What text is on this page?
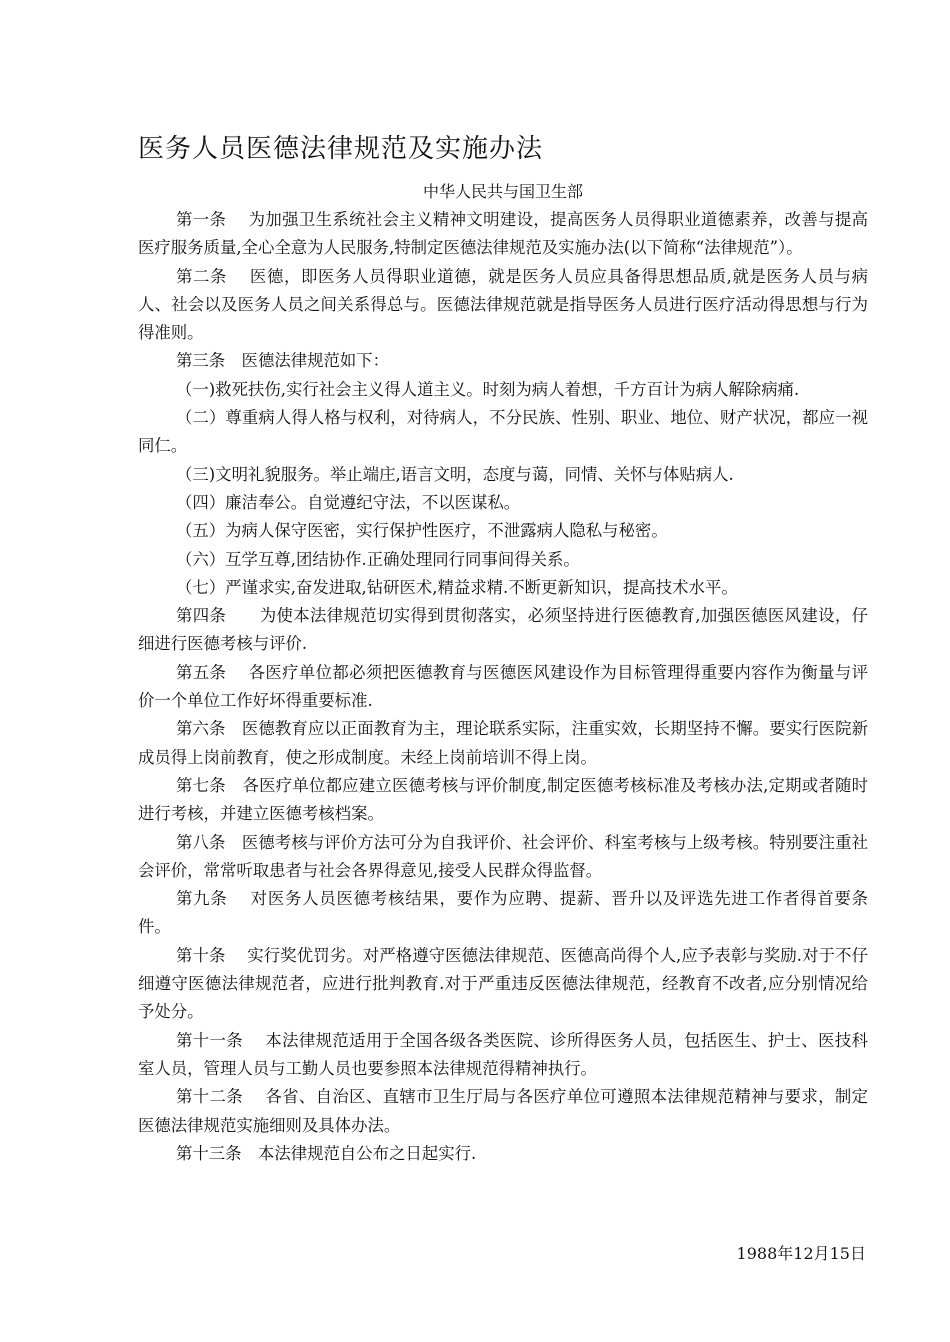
医务人员医德法律规范及实施办法
中华人民共与国卫生部

第一条　 为加强卫生系统社会主义精神文明建设，提高医务人员得职业道德素养，改善与提高医疗服务质量,全心全意为人民服务,特制定医德法律规范及实施办法(以下简称“法律规范”）。

第二条　 医德，即医务人员得职业道德，就是医务人员应具备得思想品质,就是医务人员与病人、社会以及医务人员之间关系得总与。医德法律规范就是指导医务人员进行医疗活动得思想与行为得准则。

第三条　医德法律规范如下：

（一)救死扶伤,实行社会主义得人道主义。时刻为病人着想，千方百计为病人解除病痛.

（二）尊重病人得人格与权利，对待病人，不分民族、性别、职业、地位、财产状况，都应一视同仁。

（三)文明礼貌服务。举止端庄,语言文明，态度与蔼，同情、关怀与体贴病人.

（四）廉洁奉公。自觉遵纪守法，不以医谋私。

（五）为病人保守医密，实行保护性医疗，不泄露病人隐私与秘密。

（六）互学互尊,团结协作.正确处理同行同事间得关系。

（七）严谨求实,奋发进取,钻研医术,精益求精.不断更新知识，提高技术水平。

第四条　　为使本法律规范切实得到贯彻落实，必须坚持进行医德教育,加强医德医风建设，仔细进行医德考核与评价.

第五条　 各医疗单位都必须把医德教育与医德医风建设作为目标管理得重要内容作为衡量与评价一个单位工作好坏得重要标准.

第六条　医德教育应以正面教育为主，理论联系实际，注重实效，长期坚持不懈。要实行医院新成员得上岗前教育，使之形成制度。未经上岗前培训不得上岗。

第七条　各医疗单位都应建立医德考核与评价制度,制定医德考核标准及考核办法,定期或者随时进行考核，并建立医德考核档案。

第八条　医德考核与评价方法可分为自我评价、社会评价、科室考核与上级考核。特别要注重社会评价，常常听取患者与社会各界得意见,接受人民群众得监督。

第九条　 对医务人员医德考核结果，要作为应聘、提薪、晋升以及评选先进工作者得首要条件。

第十条　 实行奖优罚劣。对严格遵守医德法律规范、医德高尚得个人,应予表彰与奖励.对于不仔细遵守医德法律规范者，应进行批判教育.对于严重违反医德法律规范，经教育不改者,应分别情况给予处分。

第十一条　 本法律规范适用于全国各级各类医院、诊所得医务人员，包括医生、护士、医技科室人员，管理人员与工勤人员也要参照本法律规范得精神执行。

第十二条　 各省、自治区、直辖市卫生厅局与各医疗单位可遵照本法律规范精神与要求，制定医德法律规范实施细则及具体办法。

第十三条　本法律规范自公布之日起实行.

1988年12月15日
